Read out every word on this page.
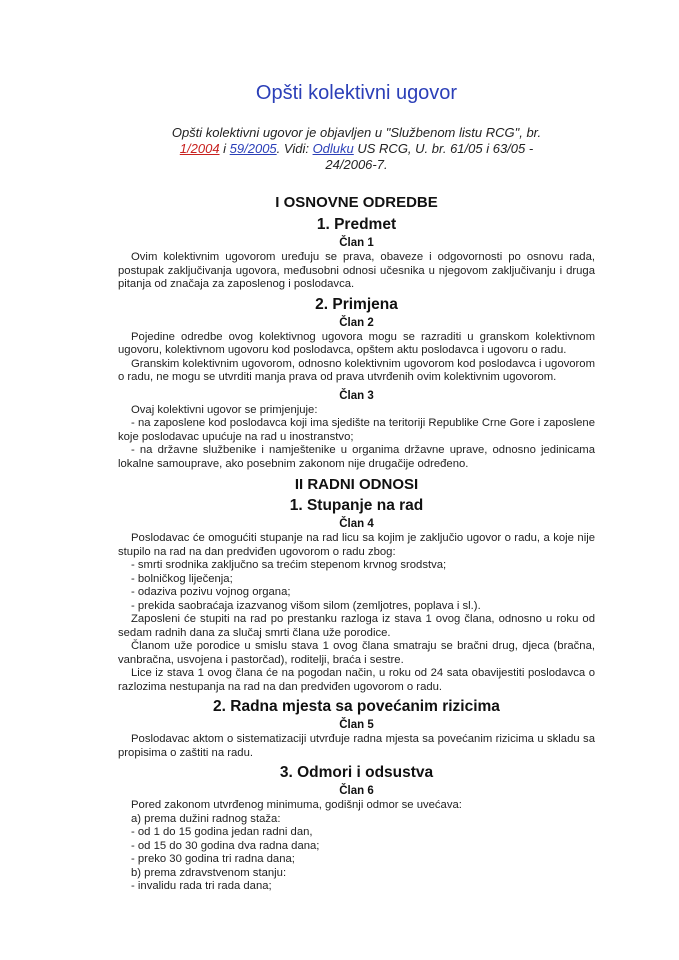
Opšti kolektivni ugovor
Opšti kolektivni ugovor je objavljen u "Službenom listu RCG", br. 1/2004 i 59/2005. Vidi: Odluku US RCG, U. br. 61/05 i 63/05 - 24/2006-7.
I OSNOVNE ODREDBE
1. Predmet
Član 1

Ovim kolektivnim ugovorom uređuju se prava, obaveze i odgovornosti po osnovu rada, postupak zaključivanja ugovora, međusobni odnosi učesnika u njegovom zaključivanju i druga pitanja od značaja za zaposlenog i poslodavca.

2. Primjena
Član 2

Pojedine odredbe ovog kolektivnog ugovora mogu se razraditi u granskom kolektivnom ugovoru, kolektivnom ugovoru kod poslodavca, opštem aktu poslodavca i ugovoru o radu.

Granskim kolektivnim ugovorom, odnosno kolektivnim ugovorom kod poslodavca i ugovorom o radu, ne mogu se utvrditi manja prava od prava utvrđenih ovim kolektivnim ugovorom.

Član 3

Ovaj kolektivni ugovor se primjenjuje:

- na zaposlene kod poslodavca koji ima sjedište na teritoriji Republike Crne Gore i zaposlene koje poslodavac upućuje na rad u inostranstvo;

- na državne službenike i namještenike u organima državne uprave, odnosno jedinicama lokalne samouprave, ako posebnim zakonom nije drugačije određeno.

II RADNI ODNOSI
1. Stupanje na rad
Član 4

Poslodavac će omogućiti stupanje na rad licu sa kojim je zaključio ugovor o radu, a koje nije stupilo na rad na dan predviđen ugovorom o radu zbog:

- smrti srodnika zaključno sa trećim stepenom krvnog srodstva;

- bolničkog liječenja;

- odaziva pozivu vojnog organa;

- prekida saobraćaja izazvanog višom silom (zemljotres, poplava i sl.).

Zaposleni će stupiti na rad po prestanku razloga iz stava 1 ovog člana, odnosno u roku od sedam radnih dana za slučaj smrti člana uže porodice.

Članom uže porodice u smislu stava 1 ovog člana smatraju se bračni drug, djeca (bračna, vanbračna, usvojena i pastorčad), roditelji, braća i sestre.

Lice iz stava 1 ovog člana će na pogodan način, u roku od 24 sata obavijestiti poslodavca o razlozima nestupanja na rad na dan predviđen ugovorom o radu.

2. Radna mjesta sa povećanim rizicima
Član 5

Poslodavac aktom o sistematizaciji utvrđuje radna mjesta sa povećanim rizicima u skladu sa propisima o zaštiti na radu.

3. Odmori i odsustva
Član 6

Pored zakonom utvrđenog minimuma, godišnji odmor se uvećava:

a) prema dužini radnog staža:

- od 1 do 15 godina jedan radni dan,

- od 15 do 30 godina dva radna dana;

- preko 30 godina tri radna dana;

b) prema zdravstvenom stanju:

- invalidu rada tri rada dana;
